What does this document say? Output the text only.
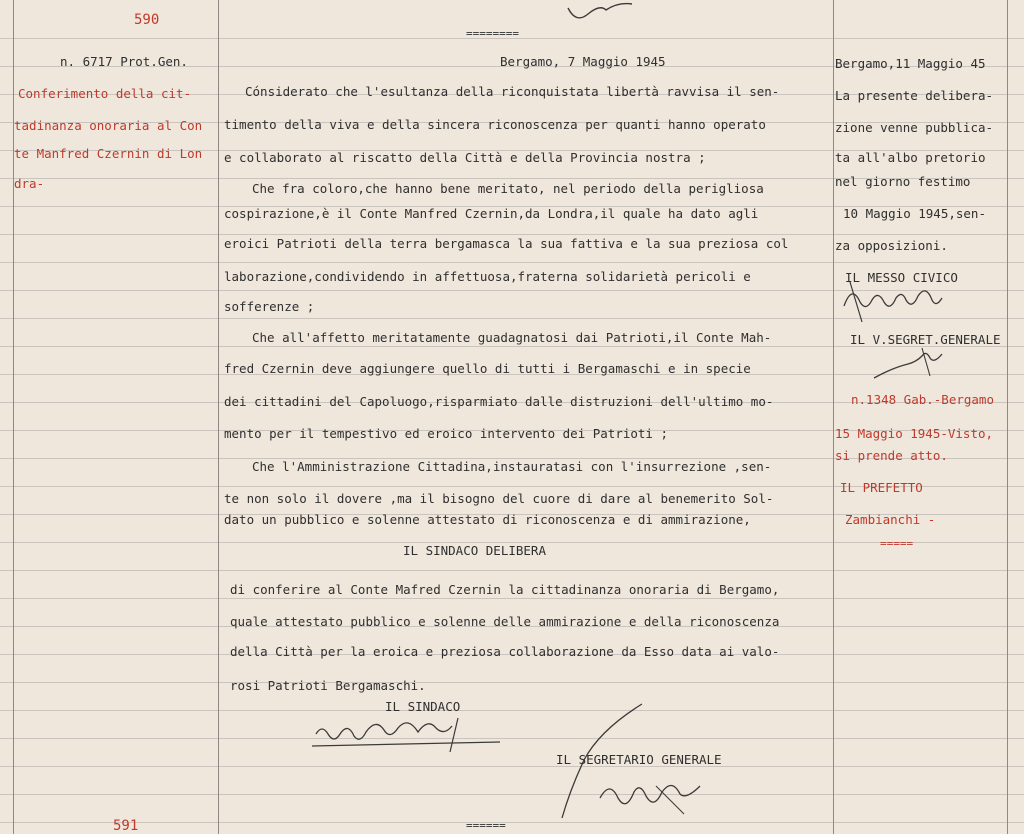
590
n. 6717 Prot.Gen.
Conferimento della cit-
tadinanza onoraria al Con
te Manfred Czernin di Lon
dra-
591
========
Bergamo, 7 Maggio 1945
Cónsiderato che l'esultanza della riconquistata libertà ravvisa il sen-
timento della viva e della sincera riconoscenza per quanti hanno operato
e collaborato al riscatto della Città e della Provincia nostra ;
Che fra coloro,che hanno bene meritato, nel periodo della perigliosa
cospirazione,è il Conte Manfred Czernin,da Londra,il quale ha dato agli
eroici Patrioti della terra bergamasca la sua fattiva e la sua preziosa col
laborazione,condividendo in affettuosa,fraterna solidarietà pericoli e
sofferenze ;
Che all'affetto meritatamente guadagnatosi dai Patrioti,il Conte Mah-
fred Czernin deve aggiungere quello di tutti i Bergamaschi e in specie
dei cittadini del Capoluogo,risparmiato dalle distruzioni dell'ultimo mo-
mento per il tempestivo ed eroico intervento dei Patrioti ;
Che l'Amministrazione Cittadina,instauratasi con l'insurrezione ,sen-
te non solo il dovere ,ma il bisogno del cuore di dare al benemerito Sol-
dato un pubblico e solenne attestato di riconoscenza e di ammirazione,
IL SINDACO DELIBERA
di conferire al Conte Mafred Czernin la cittadinanza onoraria di Bergamo,
quale attestato pubblico e solenne delle ammirazione e della riconoscenza
della Città per la eroica e preziosa collaborazione da Esso data ai valo-
rosi Patrioti Bergamaschi.
IL SINDACO
IL SEGRETARIO GENERALE
======
Bergamo,11 Maggio 45
La presente delibera-
zione venne pubblica-
ta all'albo pretorio
nel giorno festimo
10 Maggio 1945,sen-
za opposizioni.
IL MESSO CIVICO
IL V.SEGRET.GENERALE
n.1348 Gab.-Bergamo
15 Maggio 1945-Visto,
si prende atto.
IL PREFETTO
Zambianchi -
=====
